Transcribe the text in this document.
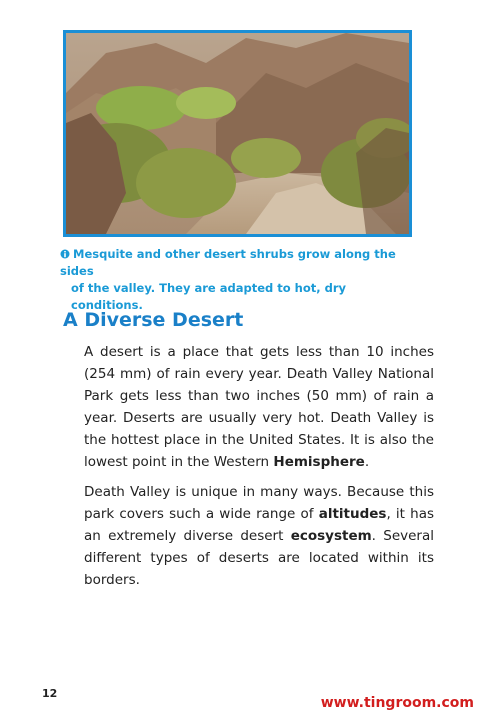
Mesquite and other desert shrubs grow along the sides
of the valley. They are adapted to hot, dry conditions.
A Diverse Desert
A desert is a place that gets less than 10 inches (254 mm) of rain every year. Death Valley National Park gets less than two inches (50 mm) of rain a year. Deserts are usually very hot. Death Valley is the hottest place in the United States. It is also the lowest point in the Western Hemisphere.
Death Valley is unique in many ways. Because this park covers such a wide range of altitudes, it has an extremely diverse desert ecosystem. Several different types of deserts are located within its borders.
12
www.tingroom.com
